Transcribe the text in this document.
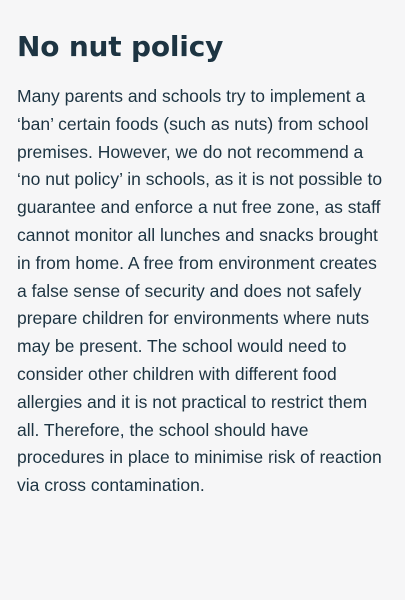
No nut policy

Many parents and schools try to implement a ‘ban’ certain foods (such as nuts) from school premises. However, we do not recommend a ‘no nut policy’ in schools, as it is not possible to guarantee and enforce a nut free zone, as staff cannot monitor all lunches and snacks brought in from home. A free from environment creates a false sense of security and does not safely prepare children for environments where nuts may be present. The school would need to consider other children with different food allergies and it is not practical to restrict them all. Therefore, the school should have procedures in place to minimise risk of reaction via cross contamination.
